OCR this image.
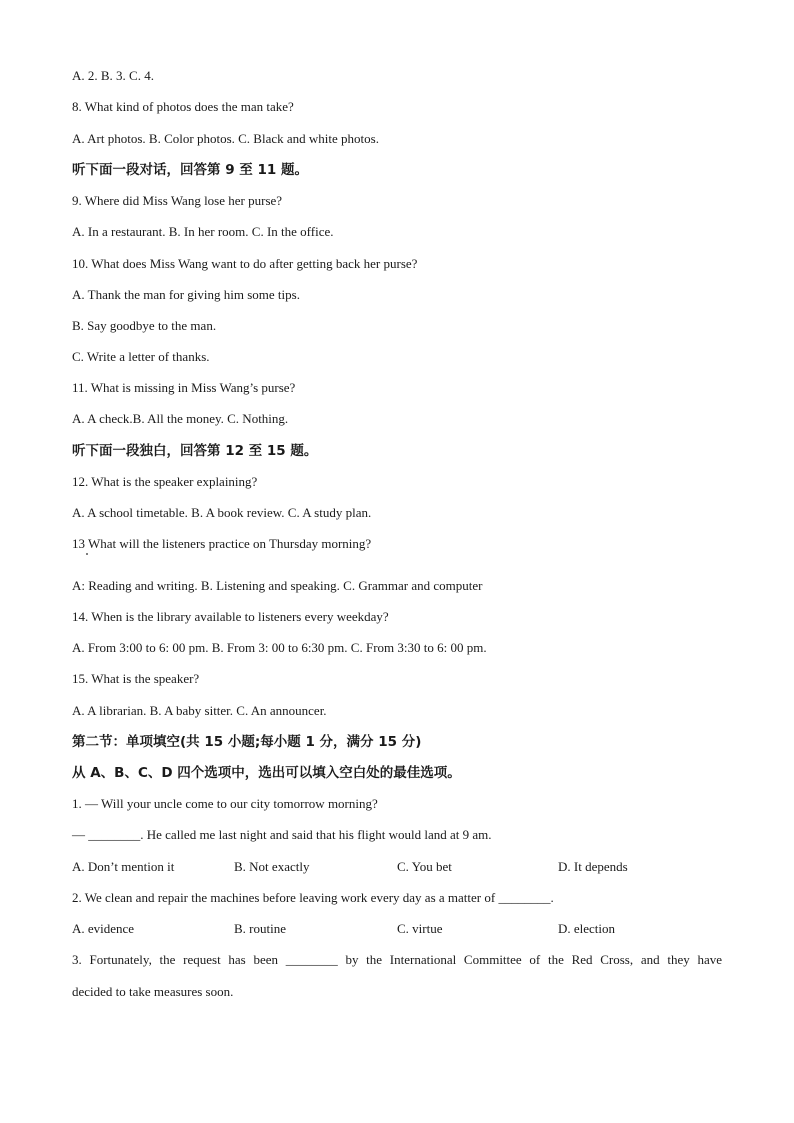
A. 2. B. 3. C. 4.
8. What kind of photos does the man take?
A. Art photos. B. Color photos. C. Black and white photos.
听下面一段对话，回答第 9 至 11 题。
9. Where did Miss Wang lose her purse?
A. In a restaurant. B. In her room. C. In the office.
10. What does Miss Wang want to do after getting back her purse?
A. Thank the man for giving him some tips.
B. Say goodbye to the man.
C. Write a letter of thanks.
11. What is missing in Miss Wang’s purse?
A. A check.B. All the money. C. Nothing.
听下面一段独白，回答第 12 至 15 题。
12. What is the speaker explaining?
A. A school timetable. B. A book review. C. A study plan.
13 What will the listeners practice on Thursday morning?
A: Reading and writing. B. Listening and speaking. C. Grammar and computer
14. When is the library available to listeners every weekday?
A. From 3:00 to 6: 00 pm. B. From 3: 00 to 6:30 pm. C. From 3:30 to 6: 00 pm.
15. What is the speaker?
A. A librarian. B. A baby sitter. C. An announcer.
第二节：单项填空(共 15 小题;每小题 1 分，满分 15 分)
从 A、B、C、D 四个选项中，选出可以填入空白处的最佳选项。
1. — Will your uncle come to our city tomorrow morning?
— ________. He called me last night and said that his flight would land at 9 am.
A. Don’t mention it	B. Not exactly	C. You bet	D. It depends
2. We clean and repair the machines before leaving work every day as a matter of ________.
A. evidence	B. routine	C. virtue	D. election
3. Fortunately, the request has been ________ by the International Committee of the Red Cross, and they have
decided to take measures soon.
